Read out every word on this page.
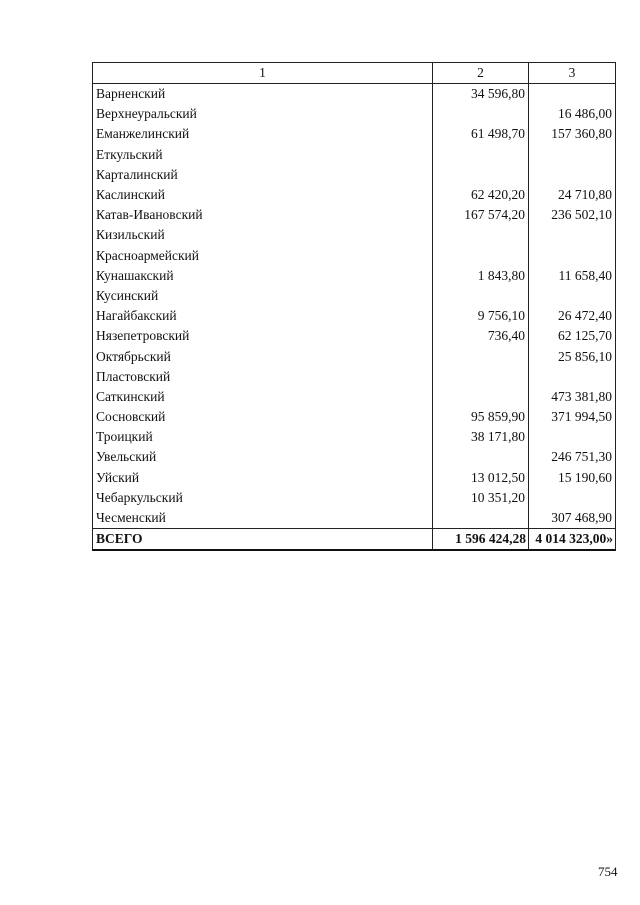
1	2	3
Варненский	34 596,80	
Верхнеуральский		16 486,00
Еманжелинский	61 498,70	157 360,80
Еткульский		
Карталинский		
Каслинский	62 420,20	24 710,80
Катав-Ивановский	167 574,20	236 502,10
Кизильский		
Красноармейский		
Кунашакский	1 843,80	11 658,40
Кусинский		
Нагайбакский	9 756,10	26 472,40
Нязепетровский	736,40	62 125,70
Октябрьский		25 856,10
Пластовский		
Саткинский		473 381,80
Сосновский	95 859,90	371 994,50
Троицкий	38 171,80	
Увельский		246 751,30
Уйский	13 012,50	15 190,60
Чебаркульский	10 351,20	
Чесменский		307 468,90
ВСЕГО	1 596 424,28	4 014 323,00»
754
